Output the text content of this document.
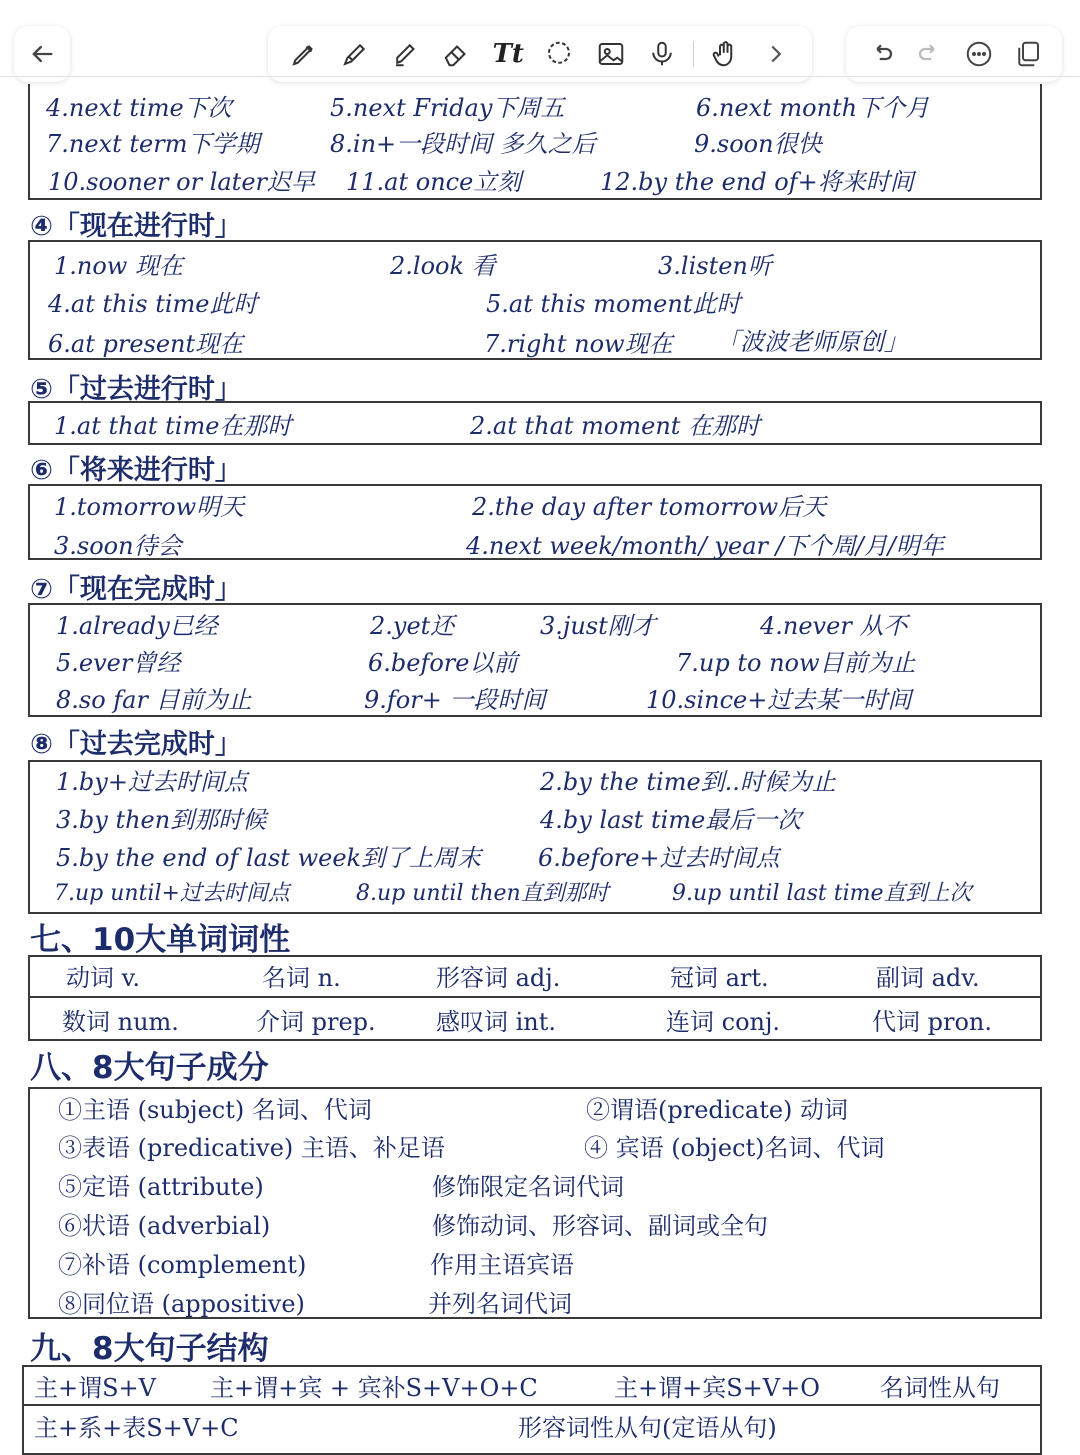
Tt
4.next time下次	5.next Friday下周五	6.next month下个月
7.next term下学期	8.in+一段时间 多久之后	9.soon很快
10.sooner or later迟早 11.at once立刻	12.by the end of+将来时间
④「现在进行时」
1.now 现在	2.look 看	3.listen听
4.at this time此时	5.at this moment此时
6.at present现在	7.right now现在 「波波老师原创」
⑤「过去进行时」
1.at that time在那时	2.at that moment 在那时
⑥「将来进行时」
1.tomorrow明天	2.the day after tomorrow后天
3.soon待会	4.next week/month/ year /下个周/月/明年
⑦「现在完成时」
1.already已经	2.yet还	3.just刚才	4.never 从不
5.ever曾经	6.before以前	7.up to now目前为止
8.so far 目前为止	9.for+ 一段时间	10.since+过去某一时间
⑧「过去完成时」
1.by+过去时间点	2.by the time到..时候为止
3.by then到那时候	4.by last time最后一次
5.by the end of last week到了上周末 6.before+过去时间点
7.up until+过去时间点	8.up until then直到那时	9.up until last time直到上次
七、10大单词词性
动词 v.	名词 n.	形容词 adj.	冠词 art.	副词 adv.
数词 num.	介词 prep.	感叹词 int.	连词 conj.	代词 pron.
八、8大句子成分
①主语 (subject) 名词、代词	②谓语(predicate) 动词
③表语 (predicative) 主语、补足语	④ 宾语 (object)名词、代词
⑤定语 (attribute)	修饰限定名词代词
⑥状语 (adverbial)	修饰动词、形容词、副词或全句
⑦补语 (complement)	作用主语宾语
⑧同位语 (appositive)	并列名词代词
九、8大句子结构
主+谓S+V 主+谓+宾 + 宾补S+V+O+C	主+谓+宾S+V+O	名词性从句
主+系+表S+V+C	形容词性从句(定语从句)
